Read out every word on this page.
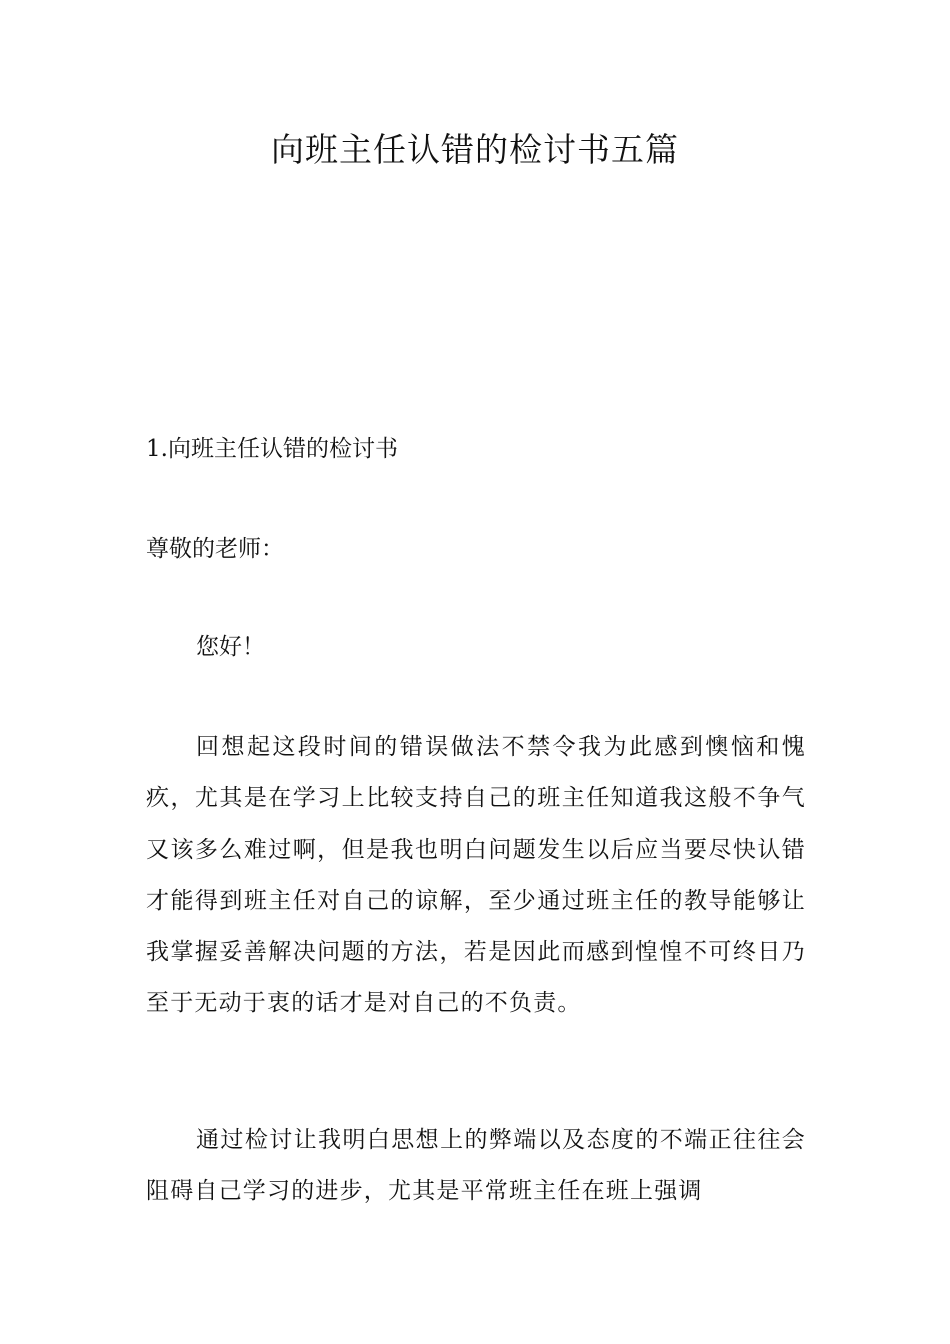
向班主任认错的检讨书五篇
1.向班主任认错的检讨书

尊敬的老师：

您好！

回想起这段时间的错误做法不禁令我为此感到懊恼和愧疚，尤其是在学习上比较支持自己的班主任知道我这般不争气又该多么难过啊，但是我也明白问题发生以后应当要尽快认错才能得到班主任对自己的谅解，至少通过班主任的教导能够让我掌握妥善解决问题的方法，若是因此而感到惶惶不可终日乃至于无动于衷的话才是对自己的不负责。

通过检讨让我明白思想上的弊端以及态度的不端正往往会阻碍自己学习的进步，尤其是平常班主任在班上强调
